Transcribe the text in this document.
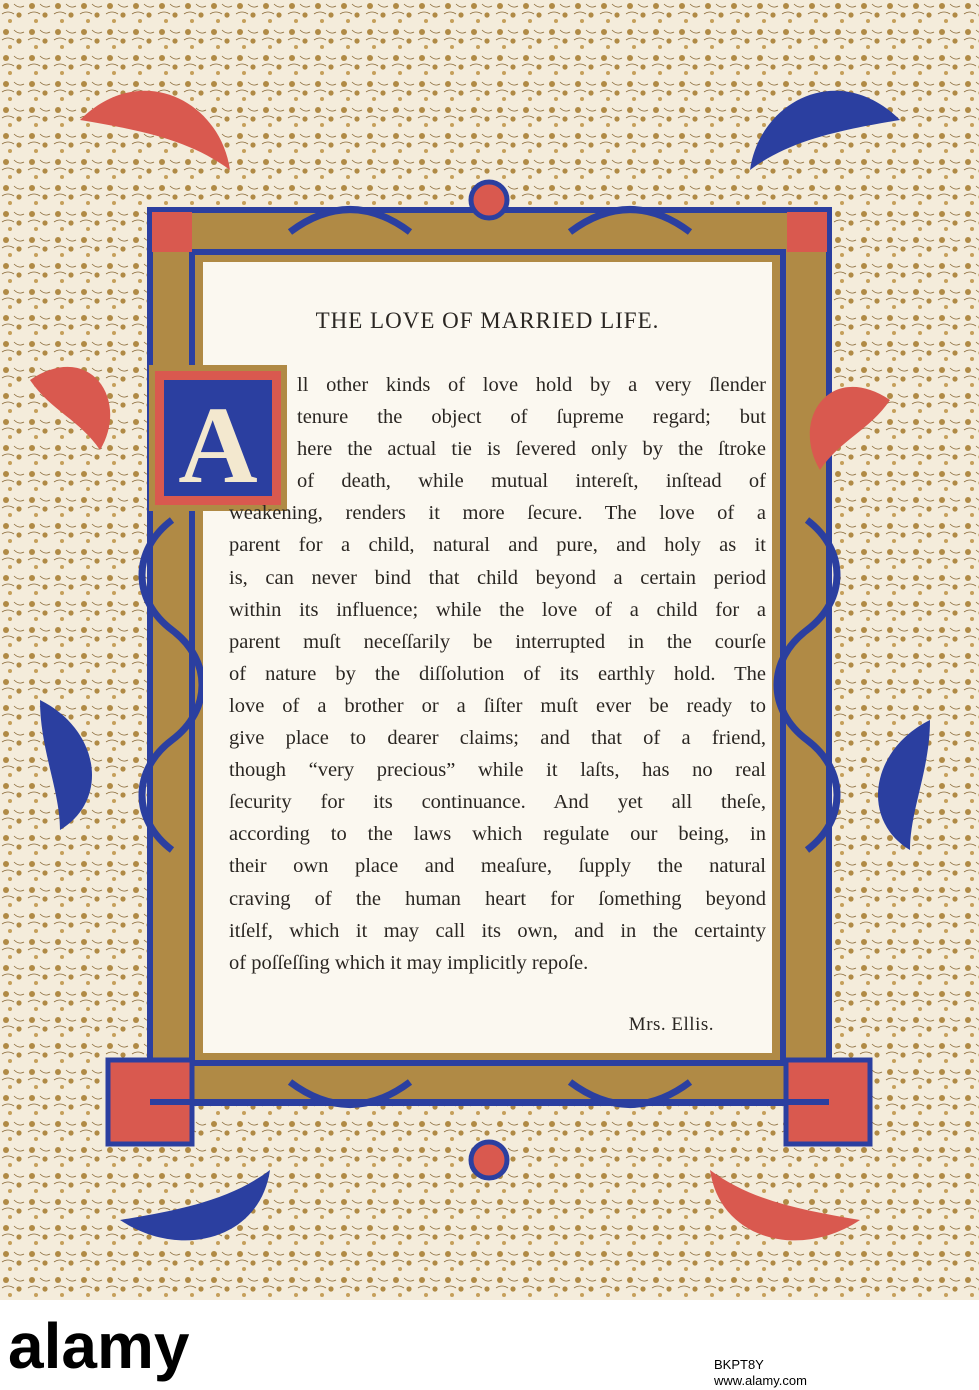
THE LOVE OF MARRIED LIFE.
A	ll other kinds of love hold by a very ſlender
tenure the object of ſupreme regard; but
here the actual tie is ſevered only by the ſtroke
of death, while mutual intereſt, inſtead of
weakening, renders it more ſecure. The love of a
parent for a child, natural and pure, and holy as it
is, can never bind that child beyond a certain period
within its influence; while the love of a child for a
parent muſt neceſſarily be interrupted in the courſe
of nature by the diſſolution of its earthly hold. The
love of a brother or a ſiſter muſt ever be ready to
give place to dearer claims; and that of a friend,
though “very precious” while it laſts, has no real
ſecurity for its continuance. And yet all theſe,
according to the laws which regulate our being, in
their own place and meaſure, ſupply the natural
craving of the human heart for ſomething beyond
itſelf, which it may call its own, and in the certainty
of poſſeſſing which it may implicitly repoſe.
Mrs. Ellis.
alamy	BKPT8Y
www.alamy.com
